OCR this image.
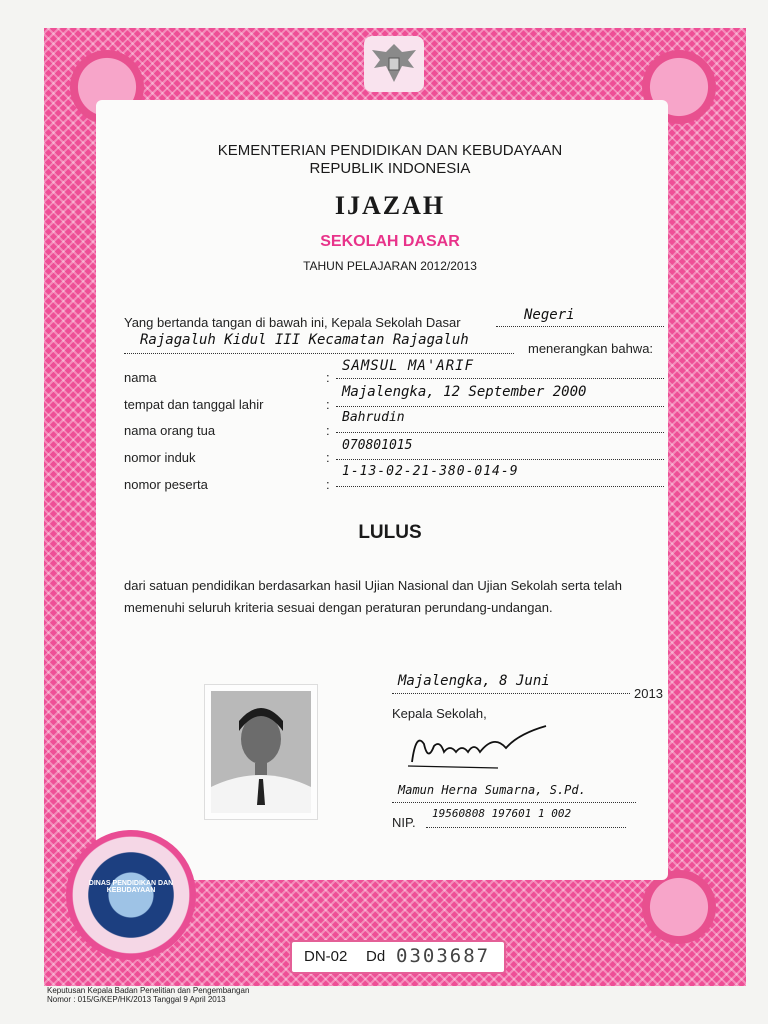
KEMENTERIAN PENDIDIKAN DAN KEBUDAYAAN
REPUBLIK INDONESIA
IJAZAH
SEKOLAH DASAR
TAHUN PELAJARAN 2012/2013
Yang bertanda tangan di bawah ini, Kepala Sekolah Dasar	Negeri
Rajagaluh Kidul III Kecamatan Rajagaluh
menerangkan bahwa:
nama	:
SAMSUL MA'ARIF
tempat dan tanggal lahir	:
Majalengka, 12 September 2000
nama orang tua	:
Bahrudin
nomor induk	:
070801015
nomor peserta	:
1-13-02-21-380-014-9
LULUS
dari satuan pendidikan berdasarkan hasil Ujian Nasional dan Ujian Sekolah serta telah
memenuhi seluruh kriteria sesuai dengan peraturan perundang-undangan.
Majalengka, 8 Juni
2013
Kepala Sekolah,
Mamun Herna Sumarna, S.Pd.
NIP.
19560808 197601 1 002
DINAS PENDIDIKAN DAN KEBUDAYAAN
DN-02 Dd 0303687
Keputusan Kepala Badan Penelitian dan Pengembangan
Nomor : 015/G/KEP/HK/2013 Tanggal 9 April 2013
